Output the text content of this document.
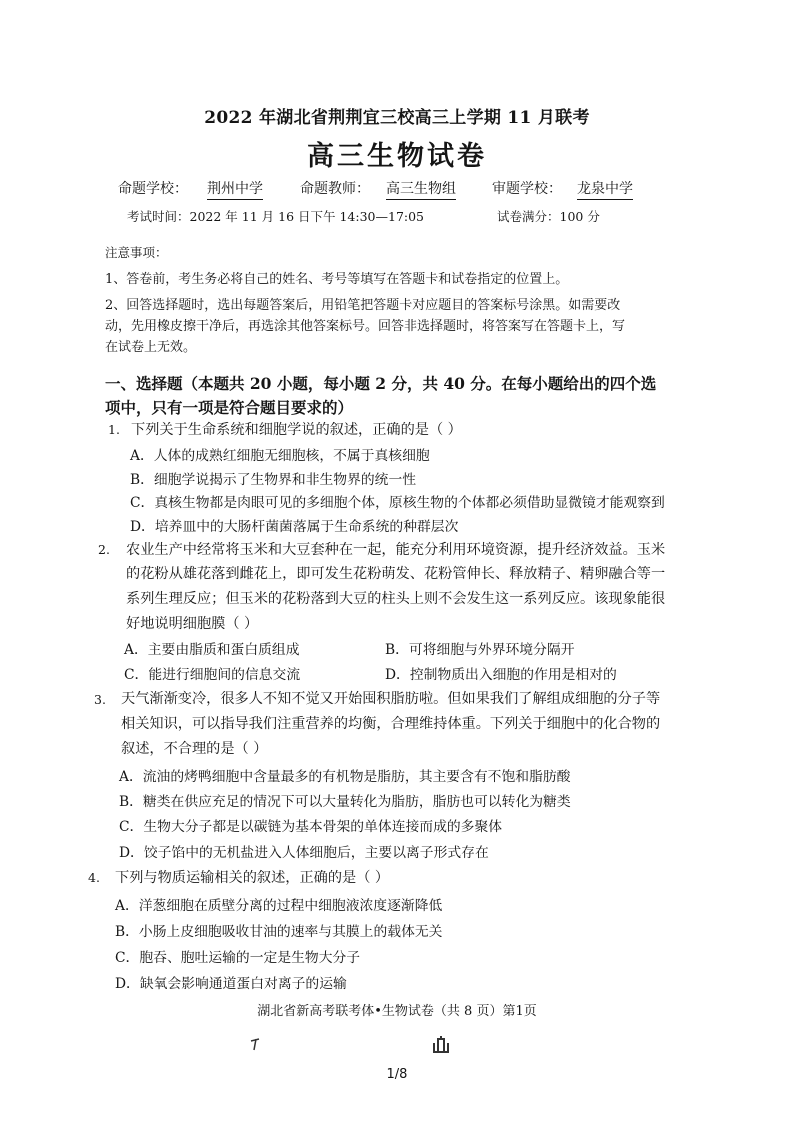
2022 年湖北省荆荆宜三校高三上学期 11 月联考
高三生物试卷
命题学校： 荆州中学	命题教师： 高三生物组	审题学校： 龙泉中学
考试时间：2022 年 11 月 16 日下午 14:30—17:05	试卷满分：100 分
注意事项：
1、答卷前，考生务必将自己的姓名、考号等填写在答题卡和试卷指定的位置上。
2、回答选择题时，选出每题答案后，用铅笔把答题卡对应题目的答案标号涂黑。如需要改
动，先用橡皮擦干净后，再选涂其他答案标号。回答非选择题时，将答案写在答题卡上，写
在试卷上无效。
一、选择题（本题共 20 小题，每小题 2 分，共 40 分。在每小题给出的四个选
项中，只有一项是符合题目要求的）
1. 下列关于生命系统和细胞学说的叙述，正确的是（ ）
A．人体的成熟红细胞无细胞核，不属于真核细胞
B．细胞学说揭示了生物界和非生物界的统一性
C．真核生物都是肉眼可见的多细胞个体，原核生物的个体都必须借助显微镜才能观察到
D．培养皿中的大肠杆菌菌落属于生命系统的种群层次
2. 农业生产中经常将玉米和大豆套种在一起，能充分利用环境资源，提升经济效益。玉米
的花粉从雄花落到雌花上，即可发生花粉萌发、花粉管伸长、释放精子、精卵融合等一
系列生理反应；但玉米的花粉落到大豆的柱头上则不会发生这一系列反应。该现象能很
好地说明细胞膜（ ）
A．主要由脂质和蛋白质组成	B．可将细胞与外界环境分隔开
C．能进行细胞间的信息交流	D．控制物质出入细胞的作用是相对的
3. 天气渐渐变冷，很多人不知不觉又开始囤积脂肪啦。但如果我们了解组成细胞的分子等
相关知识，可以指导我们注重营养的均衡，合理维持体重。下列关于细胞中的化合物的
叙述，不合理的是（ ）
A．流油的烤鸭细胞中含量最多的有机物是脂肪，其主要含有不饱和脂肪酸
B．糖类在供应充足的情况下可以大量转化为脂肪，脂肪也可以转化为糖类
C．生物大分子都是以碳链为基本骨架的单体连接而成的多聚体
D．饺子馅中的无机盐进入人体细胞后，主要以离子形式存在
4. 下列与物质运输相关的叙述，正确的是（ ）
A．洋葱细胞在质壁分离的过程中细胞液浓度逐渐降低
B．小肠上皮细胞吸收甘油的速率与其膜上的载体无关
C．胞吞、胞吐运输的一定是生物大分子
D．缺氧会影响通道蛋白对离子的运输
湖北省新高考联考体•生物试卷（共 8 页）第1页
1/8
